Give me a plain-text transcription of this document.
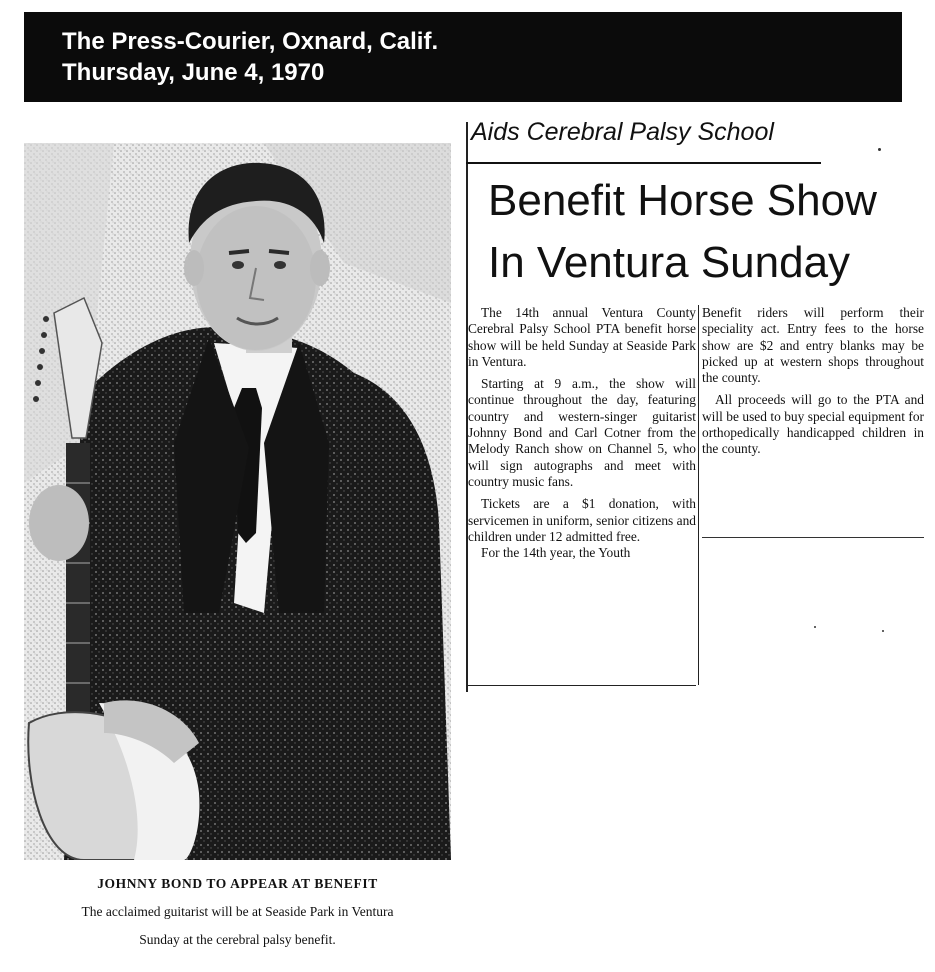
The Press-Courier, Oxnard, Calif.
Thursday, June 4, 1970
JOHNNY BOND TO APPEAR AT BENEFIT
The acclaimed guitarist will be at Seaside Park in Ventura
Sunday at the cerebral palsy benefit.
Aids Cerebral Palsy School
Benefit Horse Show
In Ventura Sunday

The 14th annual Ventura County Cerebral Palsy School PTA benefit horse show will be held Sunday at Seaside Park in Ventura.

Starting at 9 a.m., the show will continue throughout the day, featuring country and western-singer guitarist Johnny Bond and Carl Cotner from the Melody Ranch show on Channel 5, who will sign autographs and meet with country music fans.

Tickets are a $1 donation, with servicemen in uniform, senior citizens and children under 12 admitted free.

For the 14th year, the Youth

Benefit riders will perform their speciality act. Entry fees to the horse show are $2 and entry blanks may be picked up at western shops throughout the county.

All proceeds will go to the PTA and will be used to buy special equipment for orthopedically handicapped children in the county.
